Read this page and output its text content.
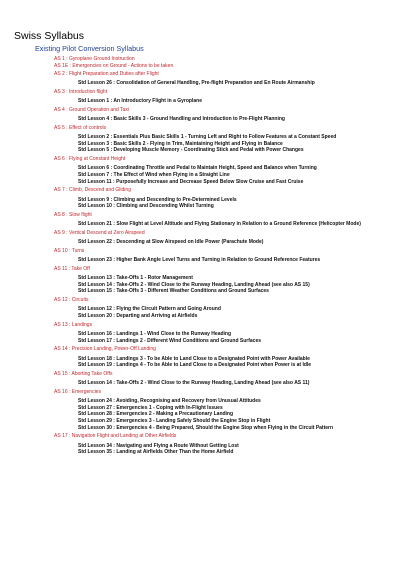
Swiss Syllabus
Existing Pilot Conversion Syllabus
AS 1 : Gyroplane Ground Instruction
AS 1E : Emergencies on Ground - Actions to be taken
AS 2 : Flight Preparation and Duties after Flight
Std Lesson 26 : Consolidation of General Handling, Pre-flight Preparation and En Route Airmanship
AS 3 : Introduction flight
Std Lesson 1 : An Introductory Flight in a Gyroplane
AS 4 : Ground Operation and Taxi
Std Lesson 4 : Basic Skills 3 - Ground Handling and Introduction to Pre-Flight Planning
AS 5 : Effect of controls
Std Lesson 2 : Essentials Plus Basic Skills 1 - Turning Left and Right to Follow Features at a Constant Speed
Std Lesson 3 : Basic Skills 2 - Flying in Trim, Maintaining Height and Flying in Balance
Std Lesson 5 : Developing Muscle Memory - Coordinating Stick and Pedal with Power Changes
AS 6 : Flying at Constant Height
Std Lesson 6 : Coordinating Throttle and Pedal to Maintain Height, Speed and Balance when Turning
Std Lesson 7 : The Effect of Wind when Flying in a Straight Line
Std Lesson 11 : Purposefully Increase and Decrease Speed Below Slow Cruise and Fast Cruise
AS 7 : Climb, Descend and Gliding
Std Lesson 9 : Climbing and Descending to Pre-Determined Levels
Std Lesson 10 : Climbing and Descending Whilst Turning
AS 8 : Slow flight
Std Lesson 21 : Slow Flight at Level Altitude and Flying Stationary in Relation to a Ground Reference (Helicopter Mode)
AS 9 : Vertical Descend at Zero Airspeed
Std Lesson 22 : Descending at Slow Airspeed on Idle Power (Parachute Mode)
AS 10 : Turns
Std Lesson 23 : Higher Bank Angle Level Turns and Turning in Relation to Ground Reference Features
AS 11 : Take Off
Std Lesson 13 : Take-Offs 1 - Rotor Management
Std Lesson 14 : Take-Offs 2 - Wind Close to the Runway Heading, Landing Ahead (see also AS 15)
Std Lesson 15 : Take-Offs 3 - Different Weather Conditions and Ground Surfaces
AS 12 : Circuits
Std Lesson 12 : Flying the Circuit Pattern and Going Around
Std Lesson 20 : Departing and Arriving at Airfields
AS 13 : Landings
Std Lesson 16 : Landings 1 - Wind Close to the Runway Heading
Std Lesson 17 : Landings 2 - Different Wind Conditions and Ground Surfaces
AS 14 : Precision Landing, Power-Off Landing
Std Lesson 18 : Landings 3 - To be Able to Land Close to a Designated Point with Power Available
Std Lesson 19 : Landings 4 - To be Able to Land Close to a Designated Point when Power is at Idle
AS 15 : Aborting Take Offs
Std Lesson 14 : Take-Offs 2 - Wind Close to the Runway Heading, Landing Ahead (see also AS 11)
AS 16 : Emergencies
Std Lesson 24 : Avoiding, Recognising and Recovery from Unusual Attitudes
Std Lesson 27 : Emergencies 1 - Coping with In-Flight Issues
Std Lesson 28 : Emergencies 2 - Making a Precautionary Landing
Std Lesson 29 : Emergencies 3 - Landing Safely Should the Engine Stop in Flight
Std Lesson 30 : Emergencies 4 - Being Prepared, Should the Engine Stop when Flying in the Circuit Pattern
AS 17 : Navigation Flight and Landing at Other Airfields
Std Lesson 34 : Navigating and Flying a Route Without Getting Lost
Std Lesson 35 : Landing at Airfields Other Than the Home Airfield
